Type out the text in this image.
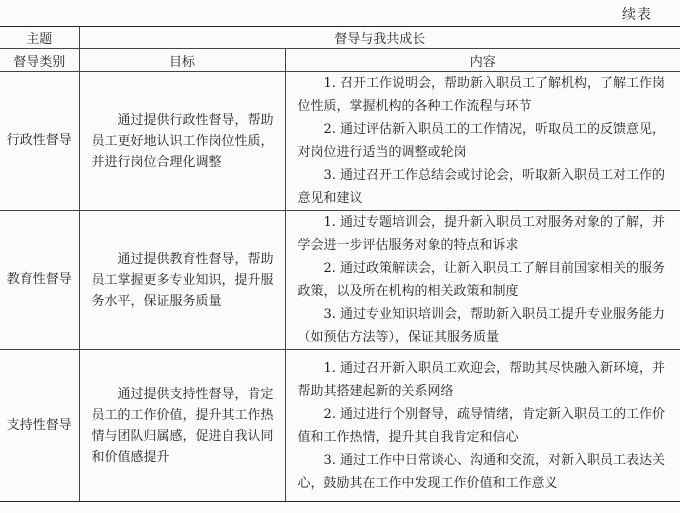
续表
主题	督导与我共成长	
督导类别	目标	内容
行政性督导	通过提供行政性督导，帮助员工更好地认识工作岗位性质，并进行岗位合理化调整	1. 召开工作说明会，帮助新入职员工了解机构，了解工作岗位性质，掌握机构的各种工作流程与环节

2. 通过评估新入职员工的工作情况，听取员工的反馈意见，对岗位进行适当的调整或轮岗

3. 通过召开工作总结会或讨论会，听取新入职员工对工作的意见和建议

教育性督导	通过提供教育性督导，帮助员工掌握更多专业知识，提升服务水平，保证服务质量	1. 通过专题培训会，提升新入职员工对服务对象的了解，并学会进一步评估服务对象的特点和诉求

2. 通过政策解读会，让新入职员工了解目前国家相关的服务政策，以及所在机构的相关政策和制度

3. 通过专业知识培训会，帮助新入职员工提升专业服务能力（如预估方法等），保证其服务质量

支持性督导	通过提供支持性督导，肯定员工的工作价值，提升其工作热情与团队归属感，促进自我认同和价值感提升	1. 通过召开新入职员工欢迎会，帮助其尽快融入新环境，并帮助其搭建起新的关系网络

2. 通过进行个别督导，疏导情绪，肯定新入职员工的工作价值和工作热情，提升其自我肯定和信心

3. 通过工作中日常谈心、沟通和交流，对新入职员工表达关心，鼓励其在工作中发现工作价值和工作意义
